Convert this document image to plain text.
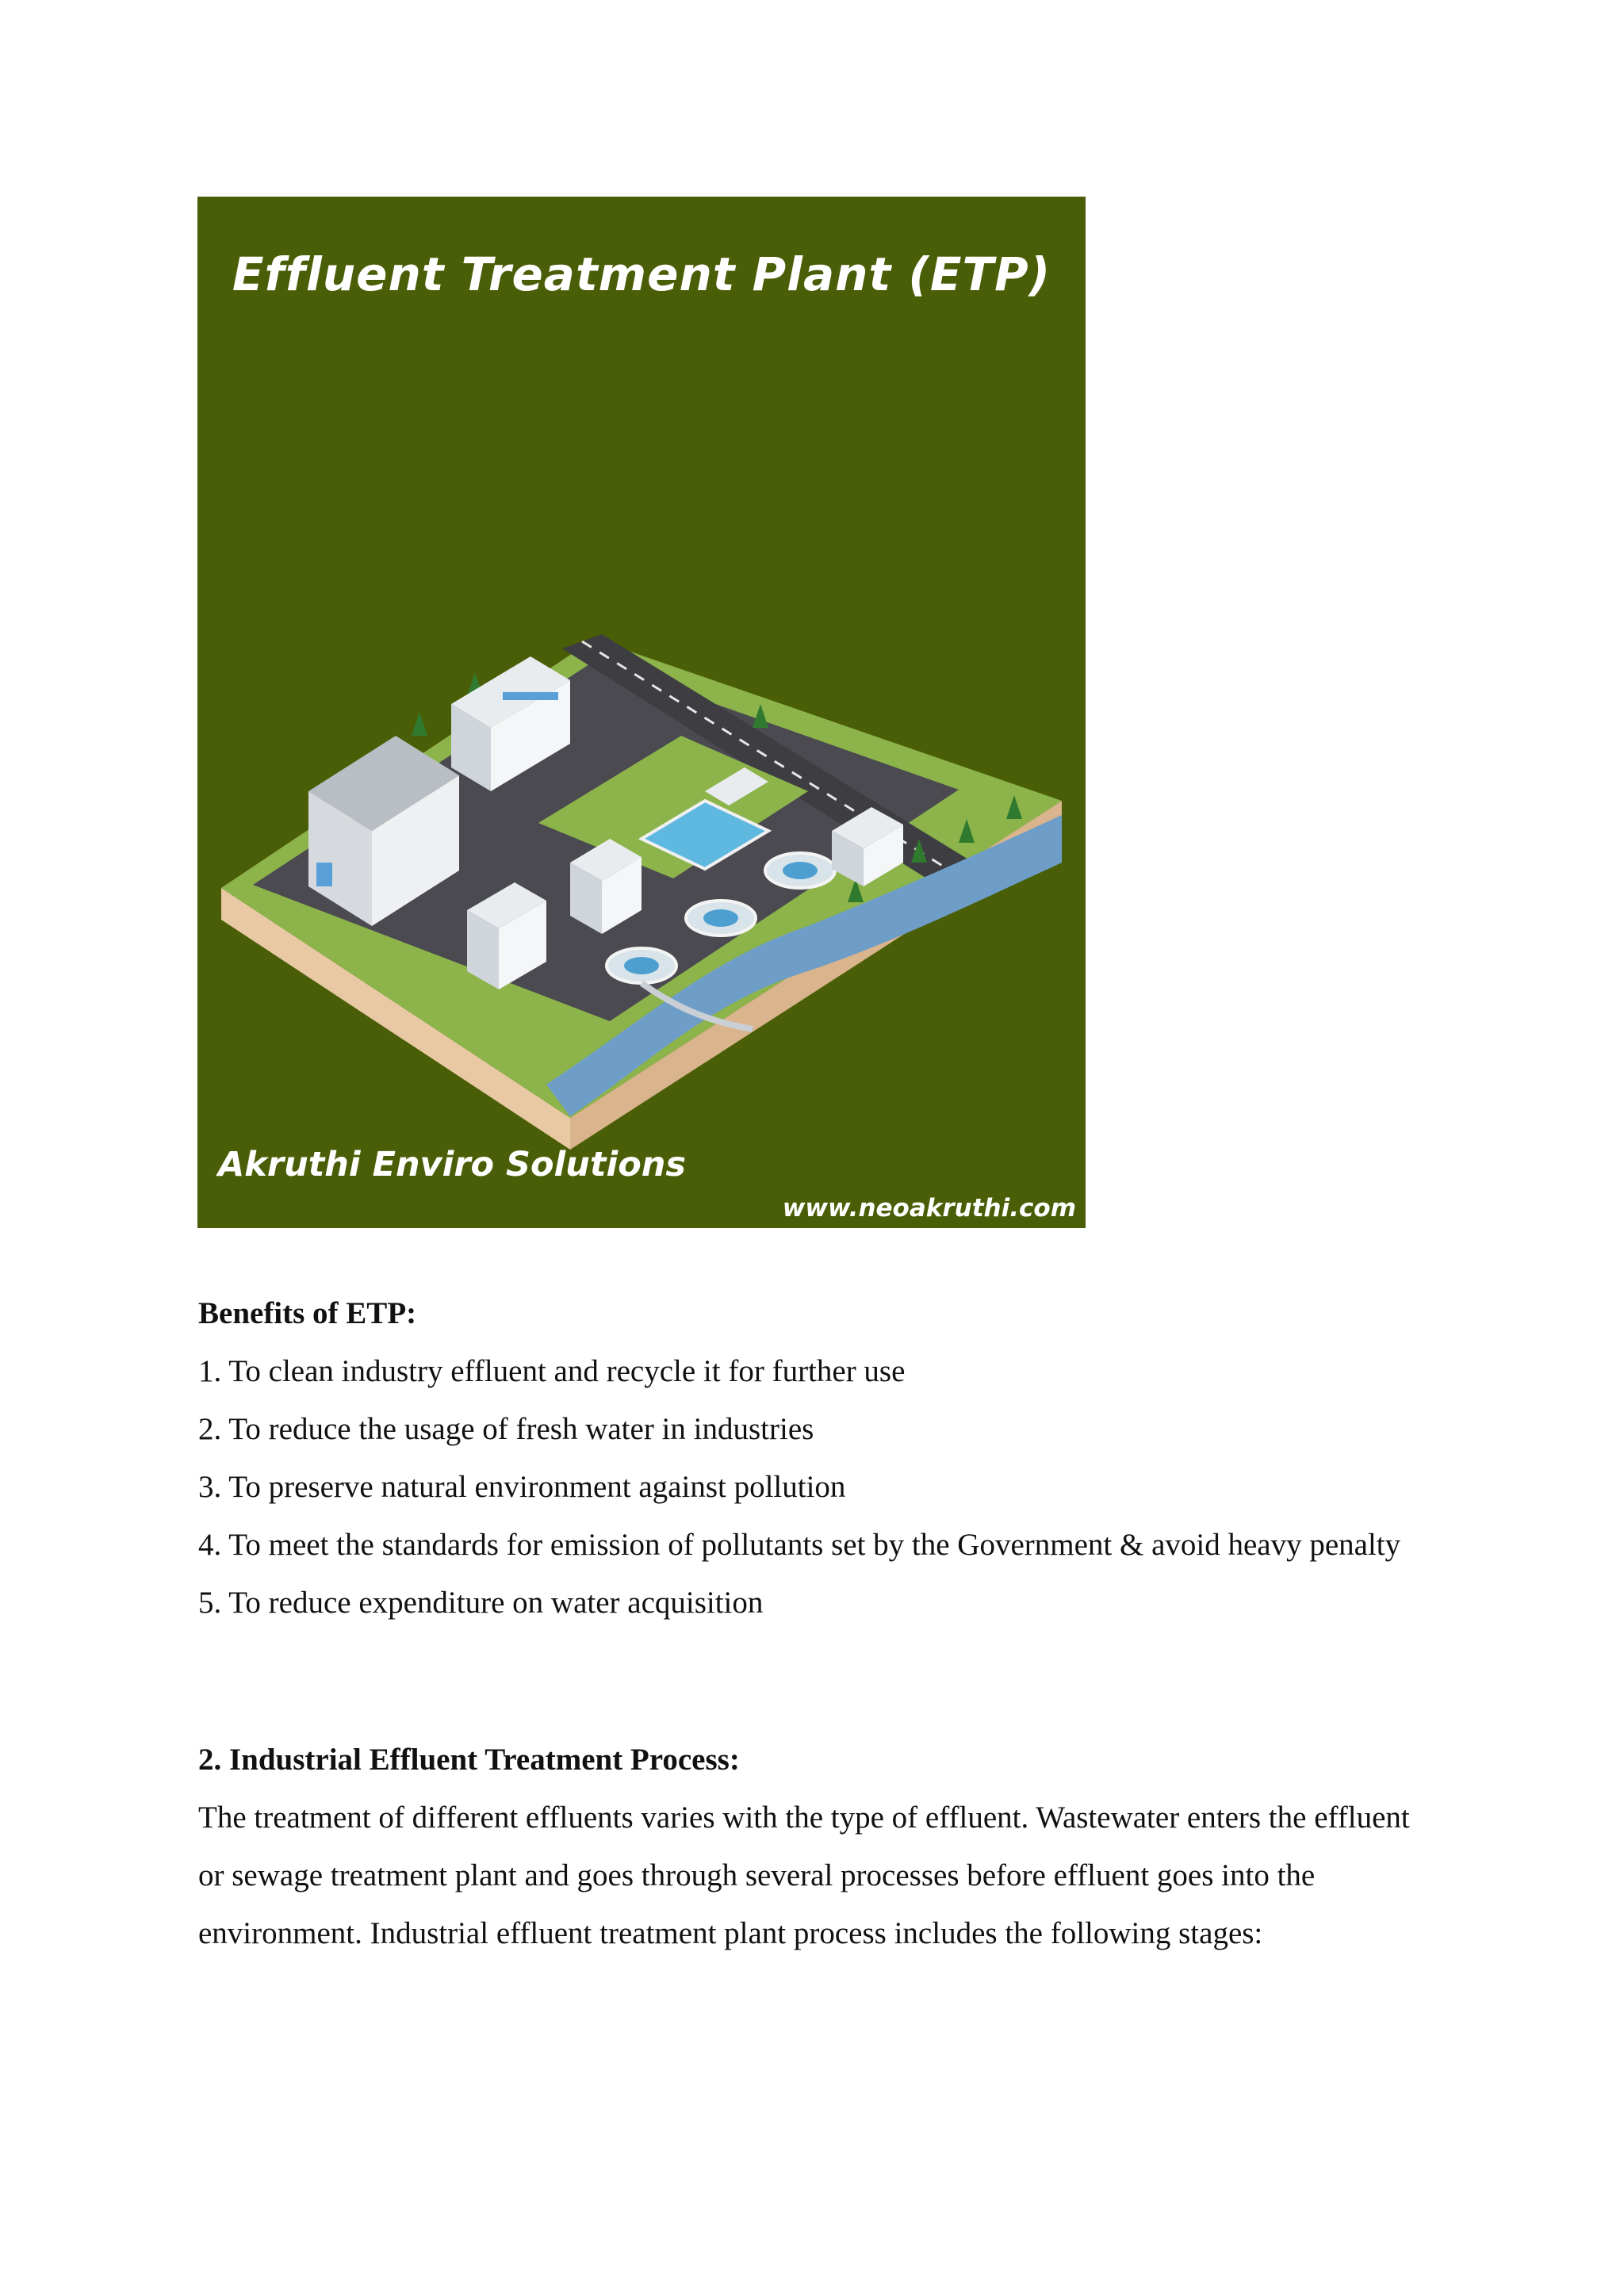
Effluent Treatment Plant (ETP)
Akruthi Enviro Solutions
www.neoakruthi.com

Benefits of ETP:

1. To clean industry effluent and recycle it for further use

2. To reduce the usage of fresh water in industries

3. To preserve natural environment against pollution

4. To meet the standards for emission of pollutants set by the Government & avoid heavy penalty

5. To reduce expenditure on water acquisition

2. Industrial Effluent Treatment Process:

The treatment of different effluents varies with the type of effluent. Wastewater enters the effluent or sewage treatment plant and goes through several processes before effluent goes into the environment. Industrial effluent treatment plant process includes the following stages:
